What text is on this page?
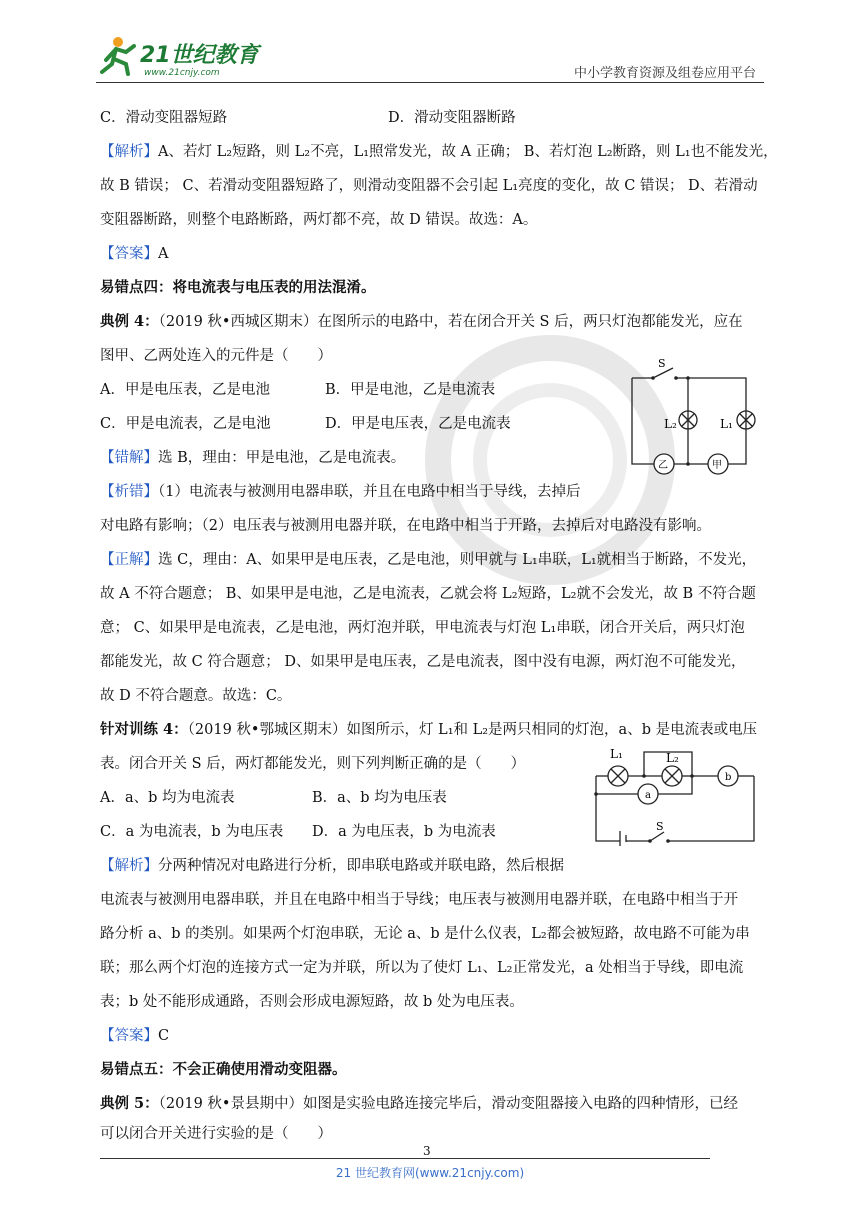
21世纪教育
www.21cnjy.com	中小学教育资源及组卷应用平台
C．滑动变阻器短路	D．滑动变阻器断路
【解析】A、若灯 L₂短路，则 L₂不亮，L₁照常发光，故 A 正确； B、若灯泡 L₂断路，则 L₁也不能发光，
故 B 错误； C、若滑动变阻器短路了，则滑动变阻器不会引起 L₁亮度的变化，故 C 错误； D、若滑动
变阻器断路，则整个电路断路，两灯都不亮，故 D 错误。故选：A。
【答案】A
易错点四：将电流表与电压表的用法混淆。
典例 4：（2019 秋•西城区期末）在图所示的电路中，若在闭合开关 S 后，两只灯泡都能发光，应在
图甲、乙两处连入的元件是（　　）
A．甲是电压表，乙是电池	B．甲是电池，乙是电流表
C．甲是电流表，乙是电池	D．甲是电压表，乙是电流表
S
L₂	L₁
乙	甲
【错解】选 B，理由：甲是电池，乙是电流表。
【析错】（1）电流表与被测用电器串联，并且在电路中相当于导线，去掉后
对电路有影响；（2）电压表与被测用电器并联，在电路中相当于开路，去掉后对电路没有影响。
【正解】选 C，理由：A、如果甲是电压表，乙是电池，则甲就与 L₁串联，L₁就相当于断路，不发光，
故 A 不符合题意； B、如果甲是电池，乙是电流表，乙就会将 L₂短路，L₂就不会发光，故 B 不符合题
意； C、如果甲是电流表，乙是电池，两灯泡并联，甲电流表与灯泡 L₁串联，闭合开关后，两只灯泡
都能发光，故 C 符合题意； D、如果甲是电压表，乙是电流表，图中没有电源，两灯泡不可能发光，
故 D 不符合题意。故选：C。
针对训练 4：（2019 秋•鄂城区期末）如图所示，灯 L₁和 L₂是两只相同的灯泡，a、b 是电流表或电压
表。闭合开关 S 后，两灯都能发光，则下列判断正确的是（　　）
A．a、b 均为电流表	B．a、b 均为电压表
C．a 为电流表，b 为电压表 D．a 为电压表，b 为电流表
L₁	L₂
a
b
S
【解析】分两种情况对电路进行分析，即串联电路或并联电路，然后根据
电流表与被测用电器串联，并且在电路中相当于导线；电压表与被测用电器并联，在电路中相当于开
路分析 a、b 的类别。如果两个灯泡串联，无论 a、b 是什么仪表，L₂都会被短路，故电路不可能为串
联；那么两个灯泡的连接方式一定为并联，所以为了使灯 L₁、L₂正常发光，a 处相当于导线，即电流
表；b 处不能形成通路，否则会形成电源短路，故 b 处为电压表。
【答案】C
易错点五：不会正确使用滑动变阻器。
典例 5：（2019 秋•景县期中）如图是实验电路连接完毕后，滑动变阻器接入电路的四种情形，已经
可以闭合开关进行实验的是（　　）
3
21 世纪教育网(www.21cnjy.com)
